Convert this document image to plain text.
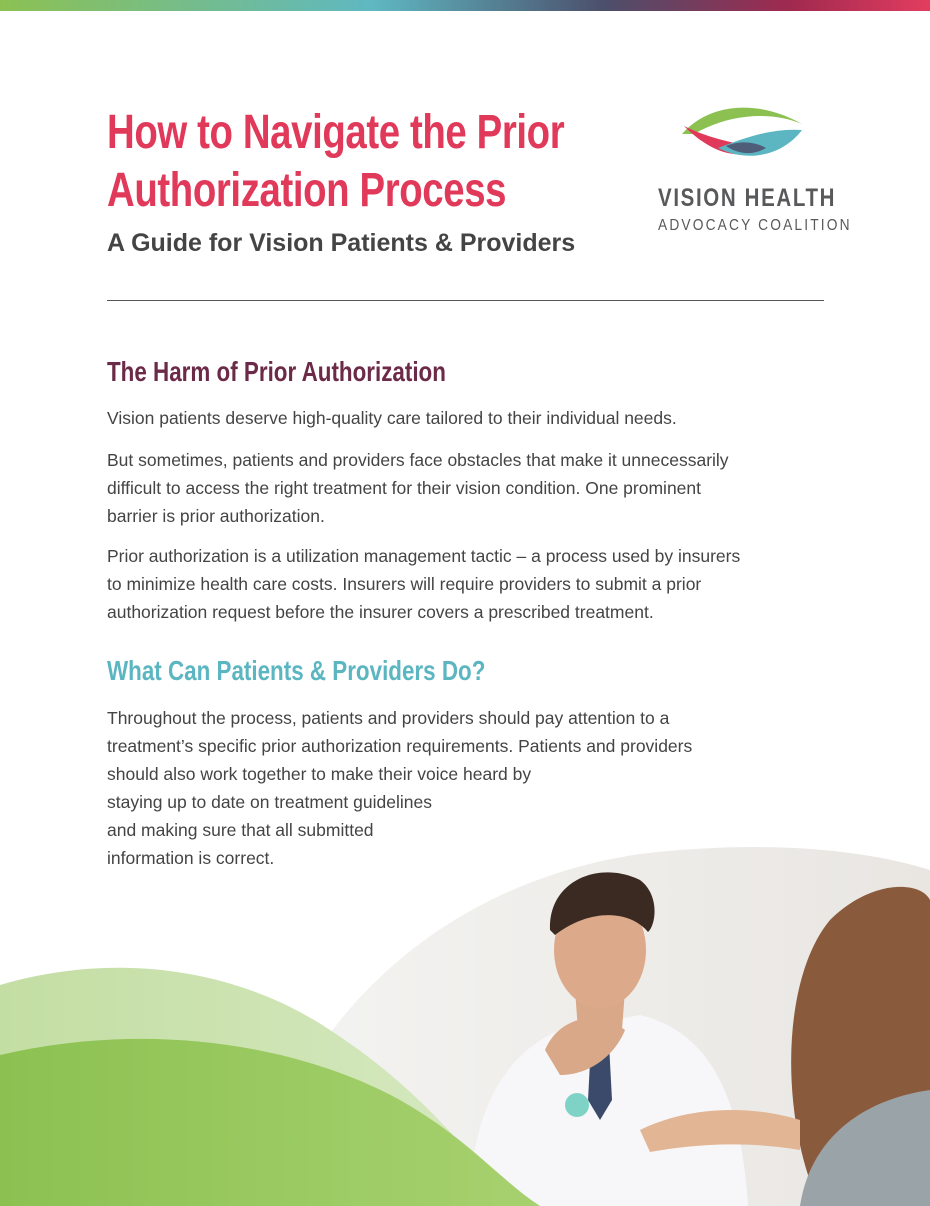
How to Navigate the Prior
Authorization Process
A Guide for Vision Patients & Providers
VISION HEALTH
ADVOCACY COALITION
The Harm of Prior Authorization

Vision patients deserve high-quality care tailored to their individual needs.

But sometimes, patients and providers face obstacles that make it unnecessarily
difficult to access the right treatment for their vision condition. One prominent
barrier is prior authorization.

Prior authorization is a utilization management tactic – a process used by insurers
to minimize health care costs. Insurers will require providers to submit a prior
authorization request before the insurer covers a prescribed treatment.

What Can Patients & Providers Do?

Throughout the process, patients and providers should pay attention to a
treatment’s specific prior authorization requirements. Patients and providers
should also work together to make their voice heard by
staying up to date on treatment guidelines
and making sure that all submitted
information is correct.
